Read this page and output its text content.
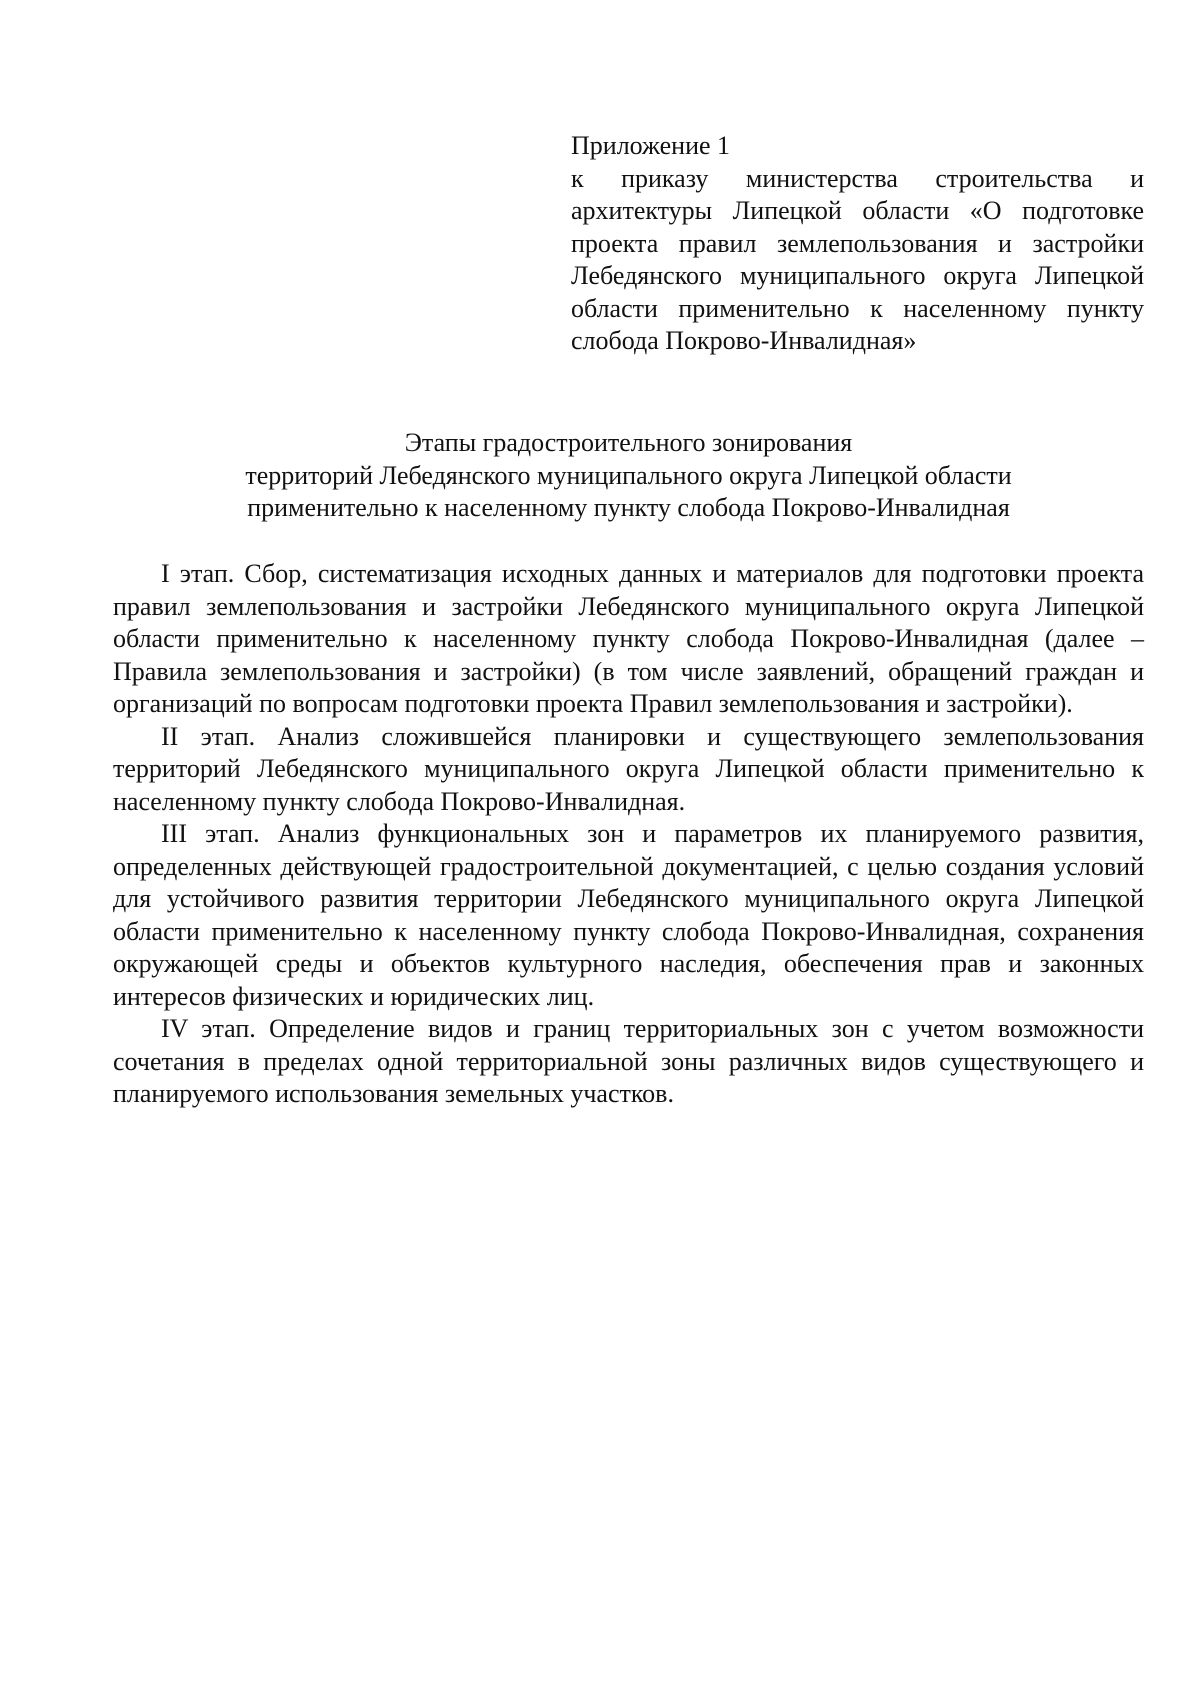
Приложение 1
к приказу министерства строительства и архитектуры Липецкой области «О подготовке проекта правил землепользования и застройки Лебедянского муниципального округа Липецкой области применительно к населенному пункту слобода Покрово-Инвалидная»
Этапы градостроительного зонирования
территорий Лебедянского муниципального округа Липецкой области
применительно к населенному пункту слобода Покрово-Инвалидная

I этап. Сбор, систематизация исходных данных и материалов для подготовки проекта правил землепользования и застройки Лебедянского муниципального округа Липецкой области применительно к населенному пункту слобода Покрово-Инвалидная (далее – Правила землепользования и застройки) (в том числе заявлений, обращений граждан и организаций по вопросам подготовки проекта Правил землепользования и застройки).

II этап. Анализ сложившейся планировки и существующего землепользования территорий Лебедянского муниципального округа Липецкой области применительно к населенному пункту слобода Покрово-Инвалидная.

III этап. Анализ функциональных зон и параметров их планируемого развития, определенных действующей градостроительной документацией, с целью создания условий для устойчивого развития территории Лебедянского муниципального округа Липецкой области применительно к населенному пункту слобода Покрово-Инвалидная, сохранения окружающей среды и объектов культурного наследия, обеспечения прав и законных интересов физических и юридических лиц.

IV этап. Определение видов и границ территориальных зон с учетом возможности сочетания в пределах одной территориальной зоны различных видов существующего и планируемого использования земельных участков.
